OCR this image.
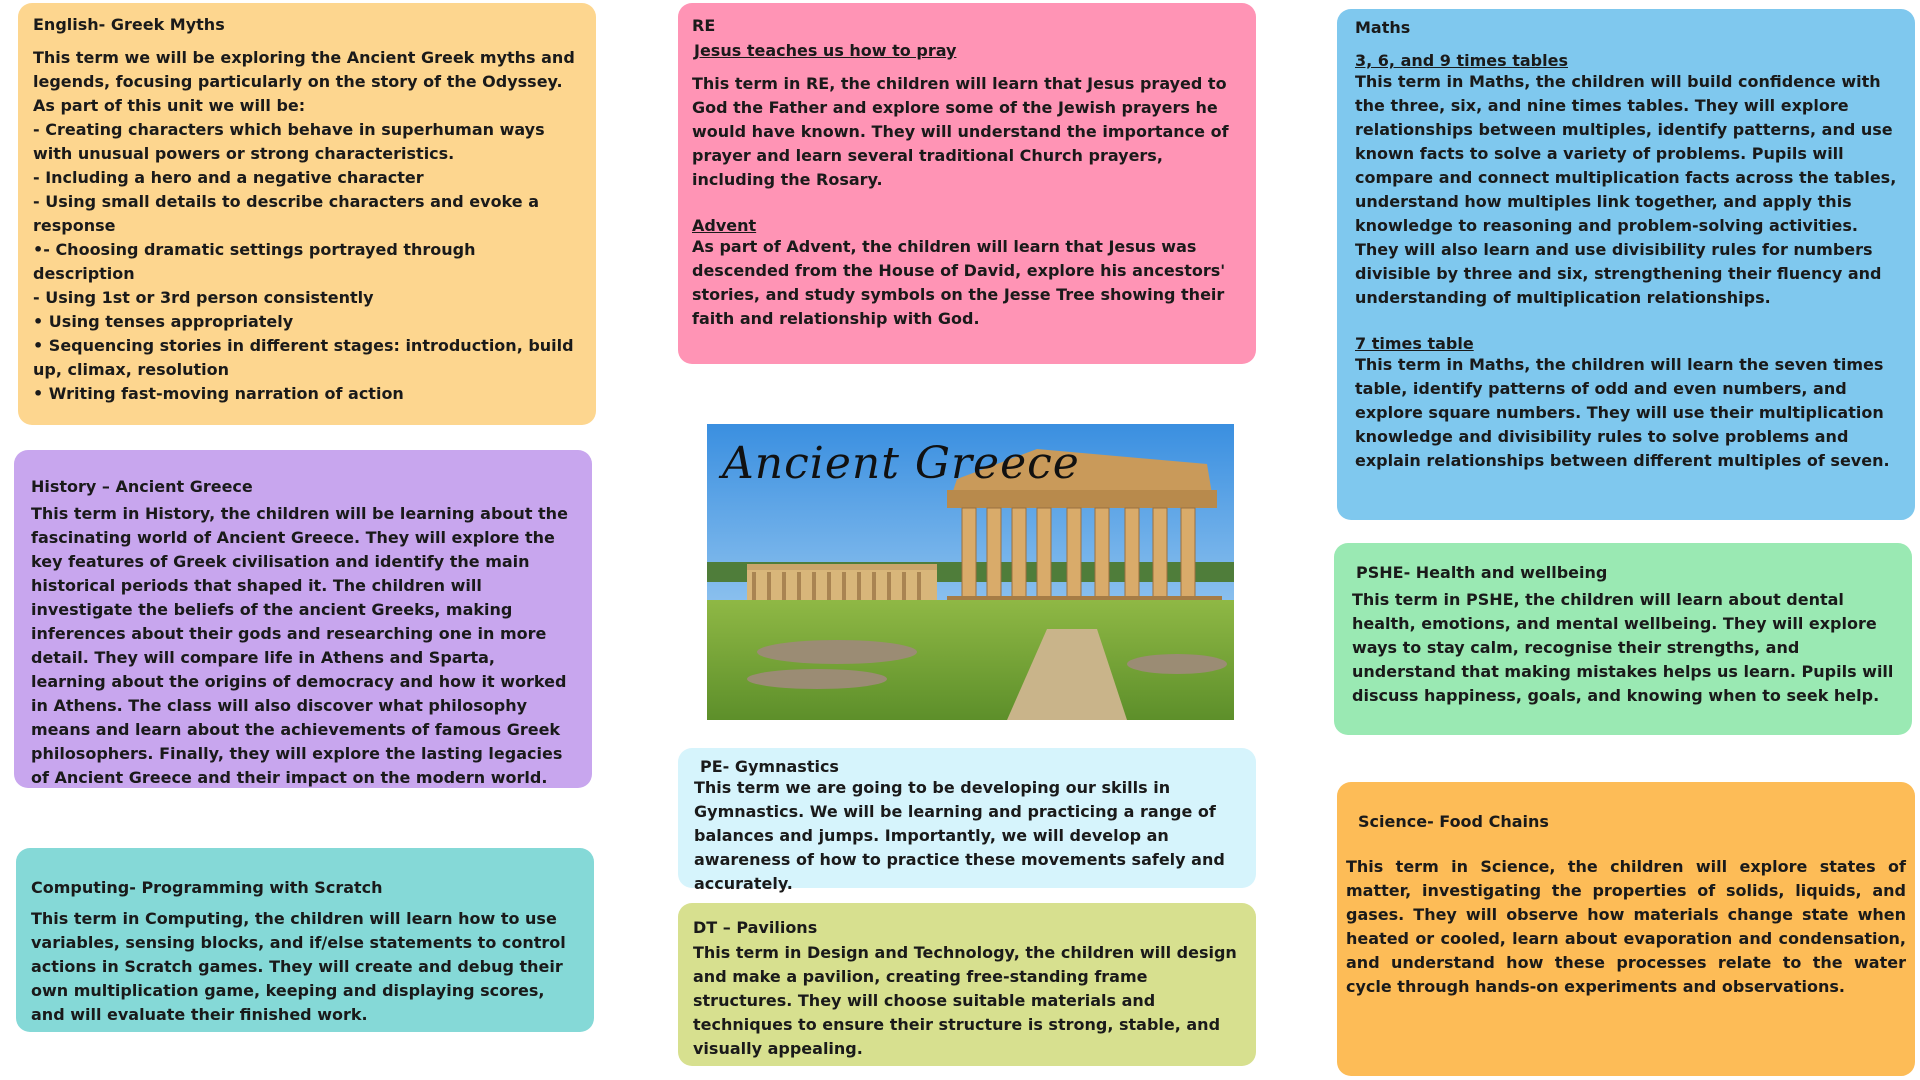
English- Greek Myths

This term we will be exploring the Ancient Greek myths and legends, focusing particularly on the story of the Odyssey. As part of this unit we will be:

- Creating characters which behave in superhuman ways with unusual powers or strong characteristics.
- Including a hero and a negative character
- Using small details to describe characters and evoke a response
•- Choosing dramatic settings portrayed through description
- Using 1st or 3rd person consistently
• Using tenses appropriately
• Sequencing stories in different stages: introduction, build up, climax, resolution
• Writing fast-moving narration of action
History – Ancient Greece

This term in History, the children will be learning about the fascinating world of Ancient Greece. They will explore the key features of Greek civilisation and identify the main historical periods that shaped it. The children will investigate the beliefs of the ancient Greeks, making inferences about their gods and researching one in more detail. They will compare life in Athens and Sparta, learning about the origins of democracy and how it worked in Athens. The class will also discover what philosophy means and learn about the achievements of famous Greek philosophers. Finally, they will explore the lasting legacies of Ancient Greece and their impact on the modern world.

Computing- Programming with Scratch

This term in Computing, the children will learn how to use variables, sensing blocks, and if/else statements to control actions in Scratch games. They will create and debug their own multiplication game, keeping and displaying scores, and will evaluate their finished work.

RE
Jesus teaches us how to pray

This term in RE, the children will learn that Jesus prayed to God the Father and explore some of the Jewish prayers he would have known. They will understand the importance of prayer and learn several traditional Church prayers, including the Rosary.

Advent

As part of Advent, the children will learn that Jesus was descended from the House of David, explore his ancestors' stories, and study symbols on the Jesse Tree showing their faith and relationship with God.

Ancient Greece
PE- Gymnastics

This term we are going to be developing our skills in Gymnastics. We will be learning and practicing a range of balances and jumps. Importantly, we will develop an awareness of how to practice these movements safely and accurately.

DT – Pavilions

This term in Design and Technology, the children will design and make a pavilion, creating free-standing frame structures. They will choose suitable materials and techniques to ensure their structure is strong, stable, and visually appealing.

Maths
3, 6, and 9 times tables

This term in Maths, the children will build confidence with the three, six, and nine times tables. They will explore relationships between multiples, identify patterns, and use known facts to solve a variety of problems. Pupils will compare and connect multiplication facts across the tables, understand how multiples link together, and apply this knowledge to reasoning and problem-solving activities. They will also learn and use divisibility rules for numbers divisible by three and six, strengthening their fluency and understanding of multiplication relationships.

7 times table

This term in Maths, the children will learn the seven times table, identify patterns of odd and even numbers, and explore square numbers. They will use their multiplication knowledge and divisibility rules to solve problems and explain relationships between different multiples of seven.

PSHE- Health and wellbeing

This term in PSHE, the children will learn about dental health, emotions, and mental wellbeing. They will explore ways to stay calm, recognise their strengths, and understand that making mistakes helps us learn. Pupils will discuss happiness, goals, and knowing when to seek help.

Science- Food Chains

This term in Science, the children will explore states of matter, investigating the properties of solids, liquids, and gases. They will observe how materials change state when heated or cooled, learn about evaporation and condensation, and understand how these processes relate to the water cycle through hands-on experiments and observations.
